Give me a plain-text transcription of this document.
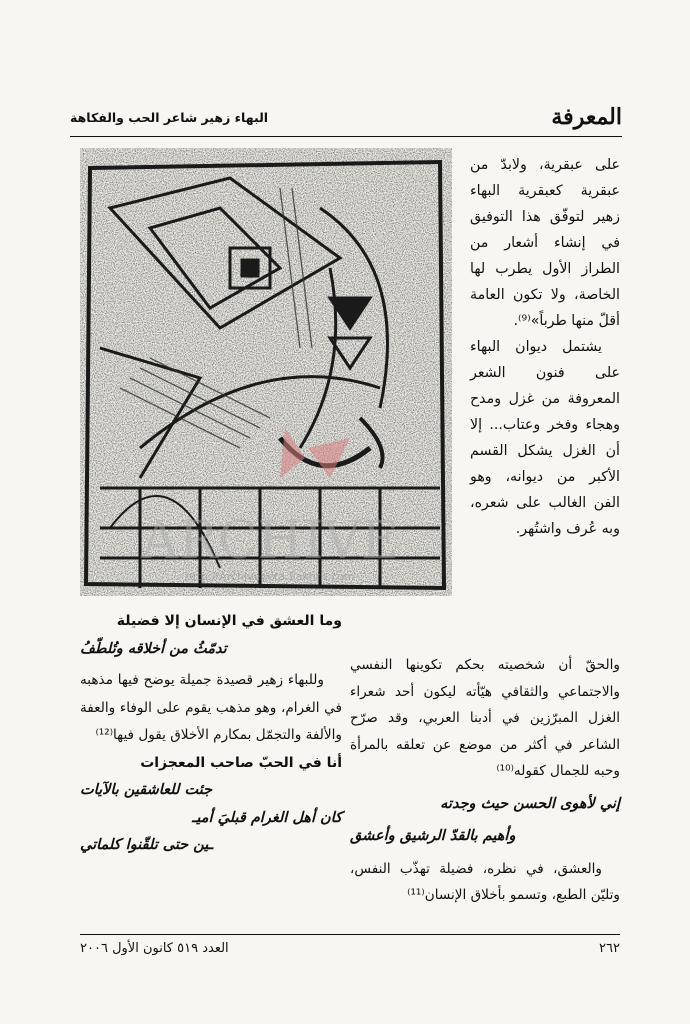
المعرفة
البهاء زهير شاعر الحب والفكاهة
ARCHIVE
http://Archivebeta.Sakhrit.com

على عبقرية، ولابدّ من عبقرية كعبقرية البهاء زهير لتوفّق هذا التوفيق في إنشاء أشعار من الطراز الأول يطرب لها الخاصة، ولا تكون العامة أقلّ منها طرباً»⁽⁹⁾.

يشتمل ديوان البهاء على فنون الشعر المعروفة من غزل ومدح وهجاء وفخر وعتاب... إلا أن الغزل يشكل القسم الأكبر من ديوانه، وهو الفن الغالب على شعره، وبه عُرف واشتُهر.

والحقّ أن شخصيته بحكم تكوينها النفسي والاجتماعي والثقافي هيّأته ليكون أحد شعراء الغزل المبرّزين في أدبنا العربي، وقد صرّح الشاعر في أكثر من موضع عن تعلقه بالمرأة وحبه للجمال كقوله⁽¹⁰⁾

إني لأهوى الحسن حيث وجدته

وأهيم بالقدّ الرشيق وأعشق

والعشق، في نظره، فضيلة تهذّب النفس، وتليّن الطبع، وتسمو بأخلاق الإنسان⁽¹¹⁾

وما العشق في الإنسان إلا فضيلة

تدمّثُ من أخلاقه وتُلطّفُ

وللبهاء زهير قصيدة جميلة يوضح فيها مذهبه في الغرام، وهو مذهب يقوم على الوفاء والعفة والألفة والتجمّل بمكارم الأخلاق يقول فيها⁽¹²⁾

أنا في الحبّ صاحب المعجزات

جئت للعاشقين بالآيات

كان أهل الغرام قبليَ أميـ

ـين حتى تلقّنوا كلماتي

٢٦٢
العدد ٥١٩ كانون الأول ٢٠٠٦
